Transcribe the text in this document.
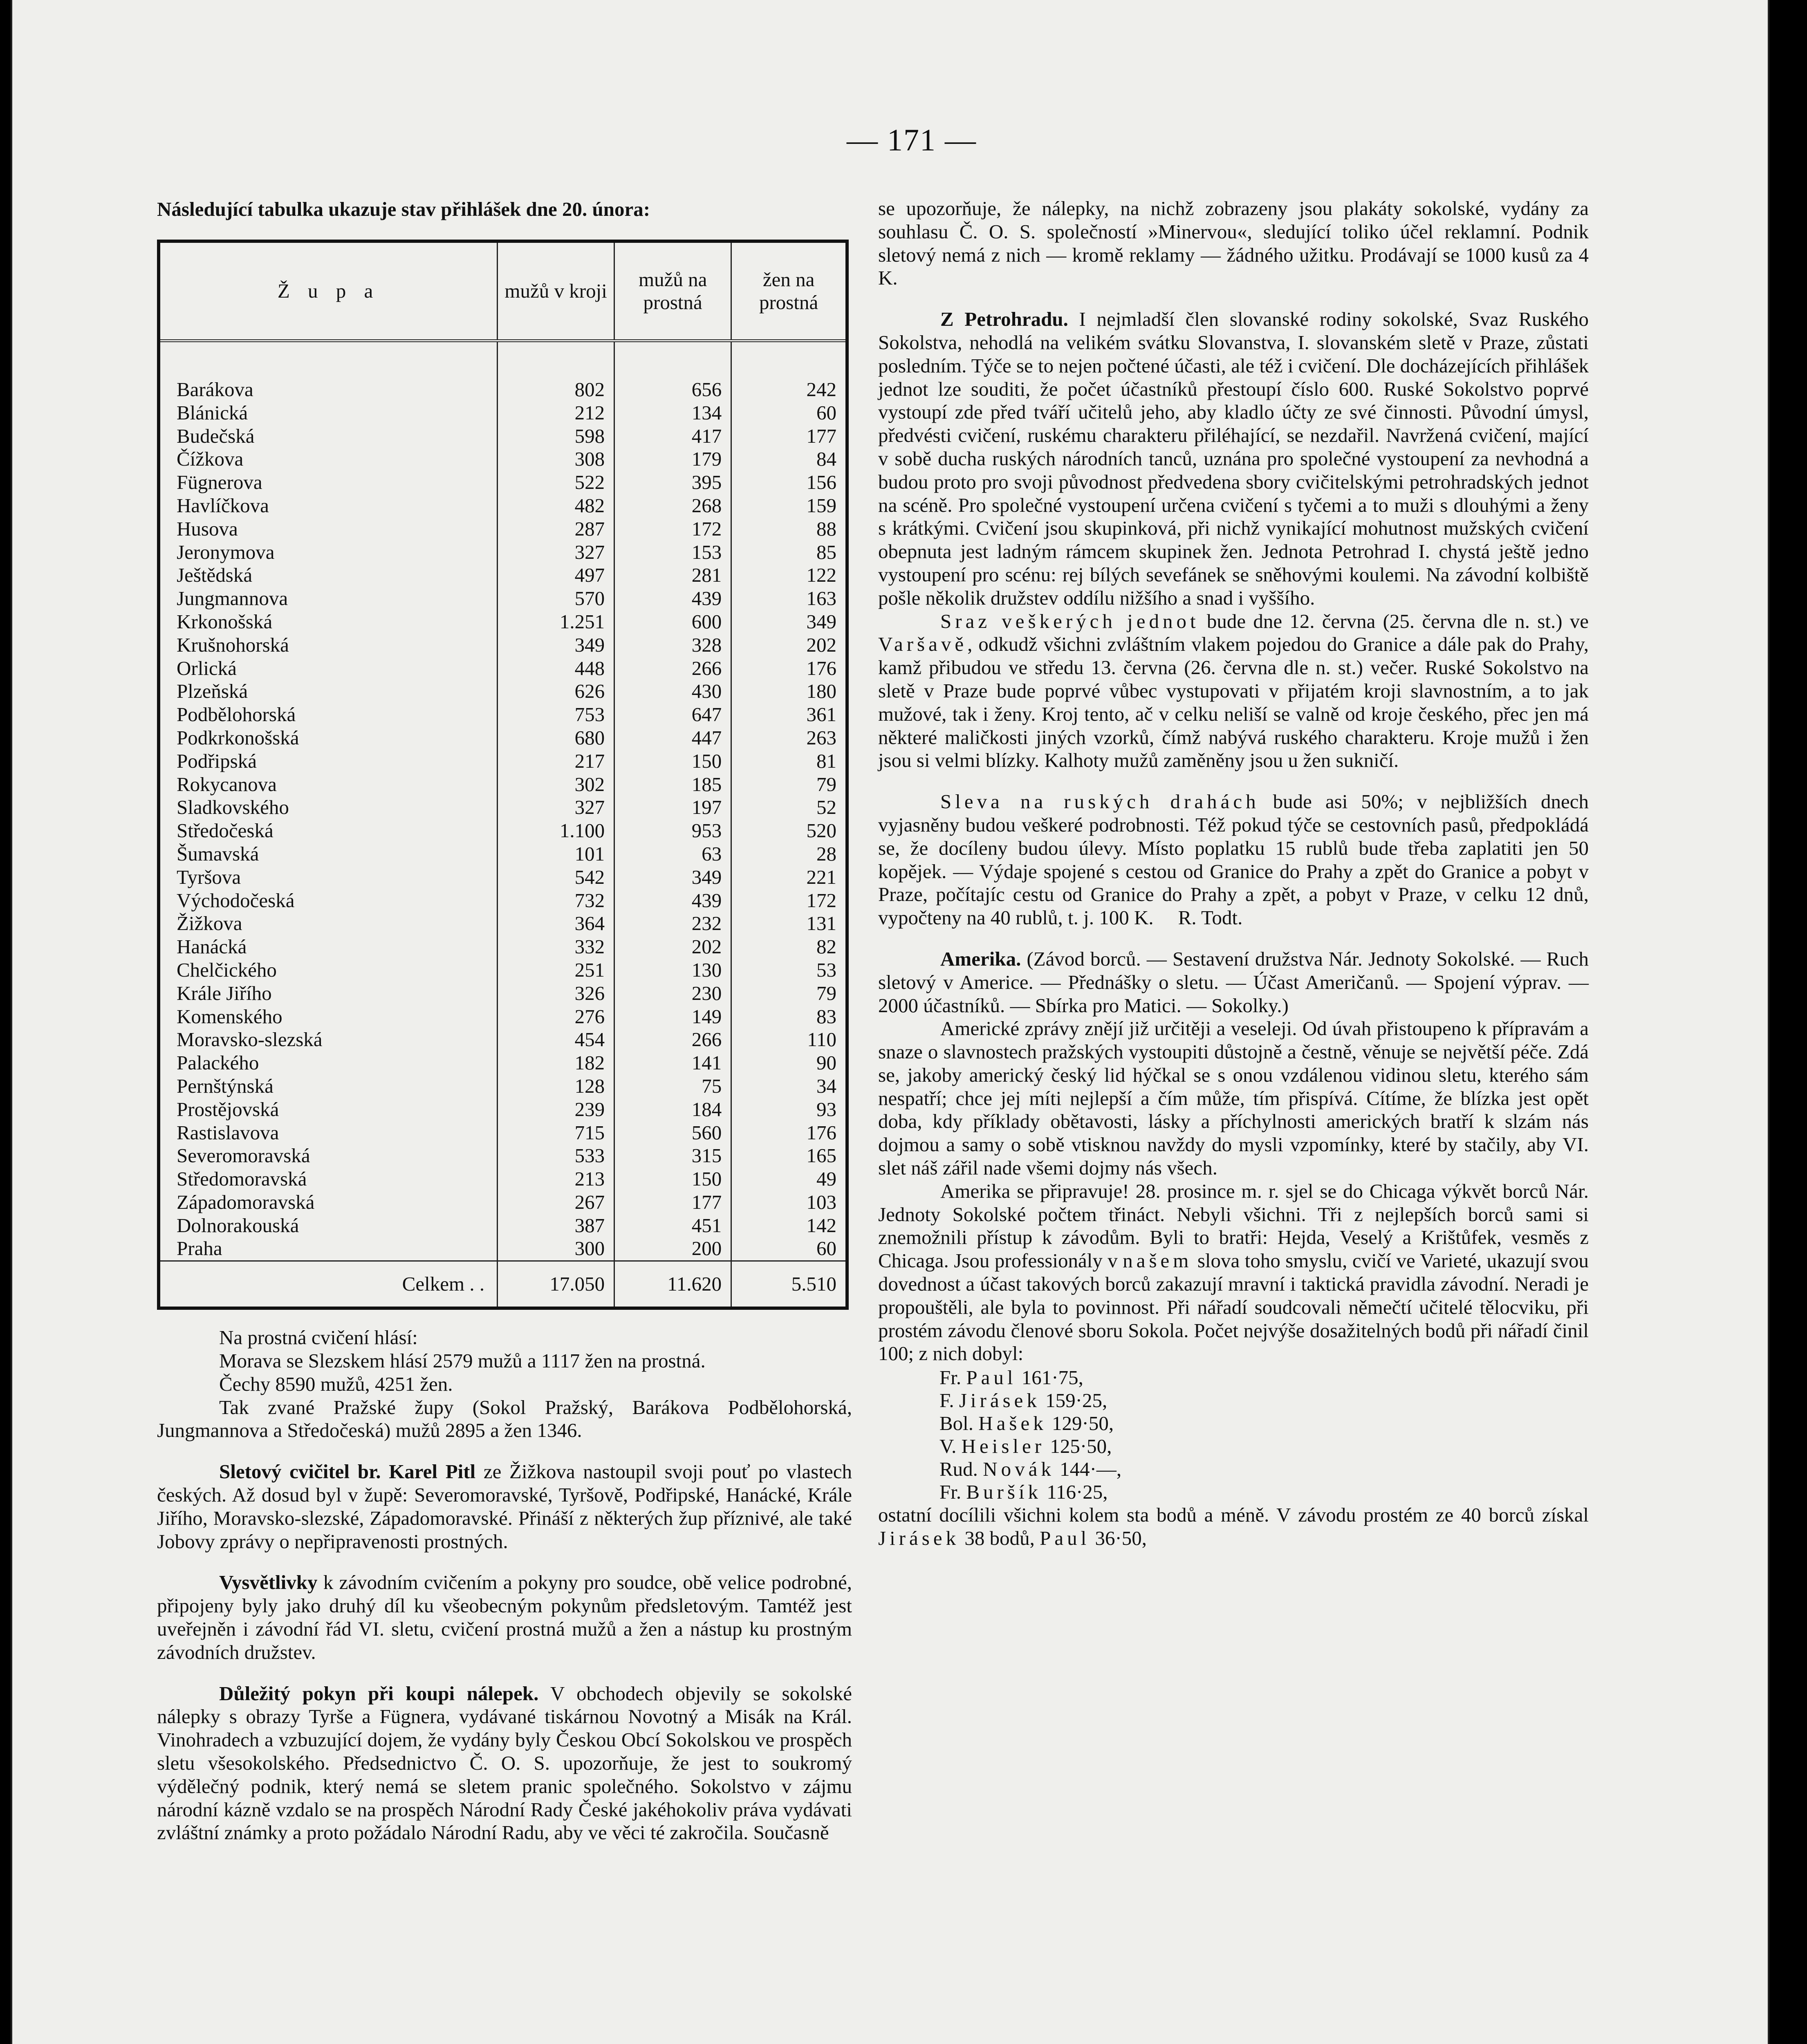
— 171 —
Následující tabulka ukazuje stav přihlášek dne 20. února:
Ž u p a	mužů v kroji	mužů na prostná	žen na prostná
Barákova	802	656	242
Blánická	212	134	60
Budečská	598	417	177
Čížkova	308	179	84
Fügnerova	522	395	156
Havlíčkova	482	268	159
Husova	287	172	88
Jeronymova	327	153	85
Ještědská	497	281	122
Jungmannova	570	439	163
Krkonošská	1.251	600	349
Krušnohorská	349	328	202
Orlická	448	266	176
Plzeňská	626	430	180
Podbělohorská	753	647	361
Podkrkonošská	680	447	263
Podřipská	217	150	81
Rokycanova	302	185	79
Sladkovského	327	197	52
Středočeská	1.100	953	520
Šumavská	101	63	28
Tyršova	542	349	221
Východočeská	732	439	172
Žižkova	364	232	131
Hanácká	332	202	82
Chelčického	251	130	53
Krále Jiřího	326	230	79
Komenského	276	149	83
Moravsko-slezská	454	266	110
Palackého	182	141	90
Pernštýnská	128	75	34
Prostějovská	239	184	93
Rastislavova	715	560	176
Severomoravská	533	315	165
Středomoravská	213	150	49
Západomoravská	267	177	103
Dolnorakouská	387	451	142
Praha	300	200	60
Celkem . .	17.050	11.620	5.510

Na prostná cvičení hlásí:

Morava se Slezskem hlásí 2579 mužů a 1117 žen na prostná.

Čechy 8590 mužů, 4251 žen.

Tak zvané Pražské župy (Sokol Pražský, Barákova Podbělohorská, Jungmannova a Středočeská) mužů 2895 a žen 1346.

Sletový cvičitel br. Karel Pitl ze Žižkova nastoupil svoji pouť po vlastech českých. Až dosud byl v župě: Severomoravské, Tyršově, Podřipské, Hanácké, Krále Jiřího, Moravsko-slezské, Západomoravské. Přináší z některých žup příznivé, ale také Jobovy zprávy o nepřipravenosti prostných.

Vysvětlivky k závodním cvičením a pokyny pro soudce, obě velice podrobné, připojeny byly jako druhý díl ku všeobecným pokynům předsletovým. Tamtéž jest uveřejněn i závodní řád VI. sletu, cvičení prostná mužů a žen a nástup ku prostným závodních družstev.

Důležitý pokyn při koupi nálepek. V obchodech objevily se sokolské nálepky s obrazy Tyrše a Fügnera, vydávané tiskárnou Novotný a Misák na Král. Vinohradech a vzbuzující dojem, že vydány byly Českou Obcí Sokolskou ve prospěch sletu všesokolského. Předsednictvo Č. O. S. upozorňuje, že jest to soukromý výdělečný podnik, který nemá se sletem pranic společného. Sokolstvo v zájmu národní kázně vzdalo se na prospěch Národní Rady České jakéhokoliv práva vydávati zvláštní známky a proto požádalo Národní Radu, aby ve věci té zakročila. Současně

se upozorňuje, že nálepky, na nichž zobrazeny jsou plakáty sokolské, vydány za souhlasu Č. O. S. společností »Minervou«, sledující toliko účel reklamní. Podnik sletový nemá z nich — kromě reklamy — žádného užitku. Prodávají se 1000 kusů za 4 K.

Z Petrohradu. I nejmladší člen slovanské rodiny sokolské, Svaz Ruského Sokolstva, nehodlá na velikém svátku Slovanstva, I. slovanském sletě v Praze, zůstati posledním. Týče se to nejen počtené účasti, ale též i cvičení. Dle docházejících přihlášek jednot lze souditi, že počet účastníků přestoupí číslo 600. Ruské Sokolstvo poprvé vystoupí zde před tváří učitelů jeho, aby kladlo účty ze své činnosti. Původní úmysl, předvésti cvičení, ruskému charakteru přiléhající, se nezdařil. Navržená cvičení, mající v sobě ducha ruských národních tanců, uznána pro společné vystoupení za nevhodná a budou proto pro svoji původnost předvedena sbory cvičitelskými petrohradských jednot na scéně. Pro společné vystoupení určena cvičení s tyčemi a to muži s dlouhými a ženy s krátkými. Cvičení jsou skupinková, při nichž vynikající mohutnost mužských cvičení obepnuta jest ladným rámcem skupinek žen. Jednota Petrohrad I. chystá ještě jedno vystoupení pro scénu: rej bílých sevefánek se sněhovými koulemi. Na závodní kolbiště pošle několik družstev oddílu nižšího a snad i vyššího.

Sraz veškerých jednot bude dne 12. června (25. června dle n. st.) ve Varšavě, odkudž všichni zvláštním vlakem pojedou do Granice a dále pak do Prahy, kamž přibudou ve středu 13. června (26. června dle n. st.) večer. Ruské Sokolstvo na sletě v Praze bude poprvé vůbec vystupovati v přijatém kroji slavnostním, a to jak mužové, tak i ženy. Kroj tento, ač v celku neliší se valně od kroje českého, přec jen má některé maličkosti jiných vzorků, čímž nabývá ruského charakteru. Kroje mužů i žen jsou si velmi blízky. Kalhoty mužů zaměněny jsou u žen sukničí.

Sleva na ruských drahách bude asi 50%; v nejbližších dnech vyjasněny budou veškeré podrobnosti. Též pokud týče se cestovních pasů, předpokládá se, že docíleny budou úlevy. Místo poplatku 15 rublů bude třeba zaplatiti jen 50 kopějek. — Výdaje spojené s cestou od Granice do Prahy a zpět do Granice a pobyt v Praze, počítajíc cestu od Granice do Prahy a zpět, a pobyt v Praze, v celku 12 dnů, vypočteny na 40 rublů, t. j. 100 K. R. Todt.

Amerika. (Závod borců. — Sestavení družstva Nár. Jednoty Sokolské. — Ruch sletový v Americe. — Přednášky o sletu. — Účast Američanů. — Spojení výprav. — 2000 účastníků. — Sbírka pro Matici. — Sokolky.)

Americké zprávy znějí již určitěji a veseleji. Od úvah přistoupeno k přípravám a snaze o slavnostech pražských vystoupiti důstojně a čestně, věnuje se největší péče. Zdá se, jakoby americký český lid hýčkal se s onou vzdálenou vidinou sletu, kterého sám nespatří; chce jej míti nejlepší a čím může, tím přispívá. Cítíme, že blízka jest opět doba, kdy příklady obětavosti, lásky a příchylnosti amerických bratří k slzám nás dojmou a samy o sobě vtisknou navždy do mysli vzpomínky, které by stačily, aby VI. slet náš zářil nade všemi dojmy nás všech.

Amerika se připravuje! 28. prosince m. r. sjel se do Chicaga výkvět borců Nár. Jednoty Sokolské počtem třináct. Nebyli všichni. Tři z nejlepších borců sami si znemožnili přístup k závodům. Byli to bratři: Hejda, Veselý a Krištůfek, vesměs z Chicaga. Jsou professionály v našem slova toho smyslu, cvičí ve Varieté, ukazují svou dovednost a účast takových borců zakazují mravní i taktická pravidla závodní. Neradi je propouštěli, ale byla to povinnost. Při nářadí soudcovali němečtí učitelé tělocviku, při prostém závodu členové sboru Sokola. Počet nejvýše dosažitelných bodů při nářadí činil 100; z nich dobyl:

Fr. Paul 161·75,
F. Jirásek 159·25,
Bol. Hašek 129·50,
V. Heisler 125·50,
Rud. Novák 144·—,
Fr. Buršík 116·25,

ostatní docílili všichni kolem sta bodů a méně. V závodu prostém ze 40 borců získal Jirásek 38 bodů, Paul 36·50,
